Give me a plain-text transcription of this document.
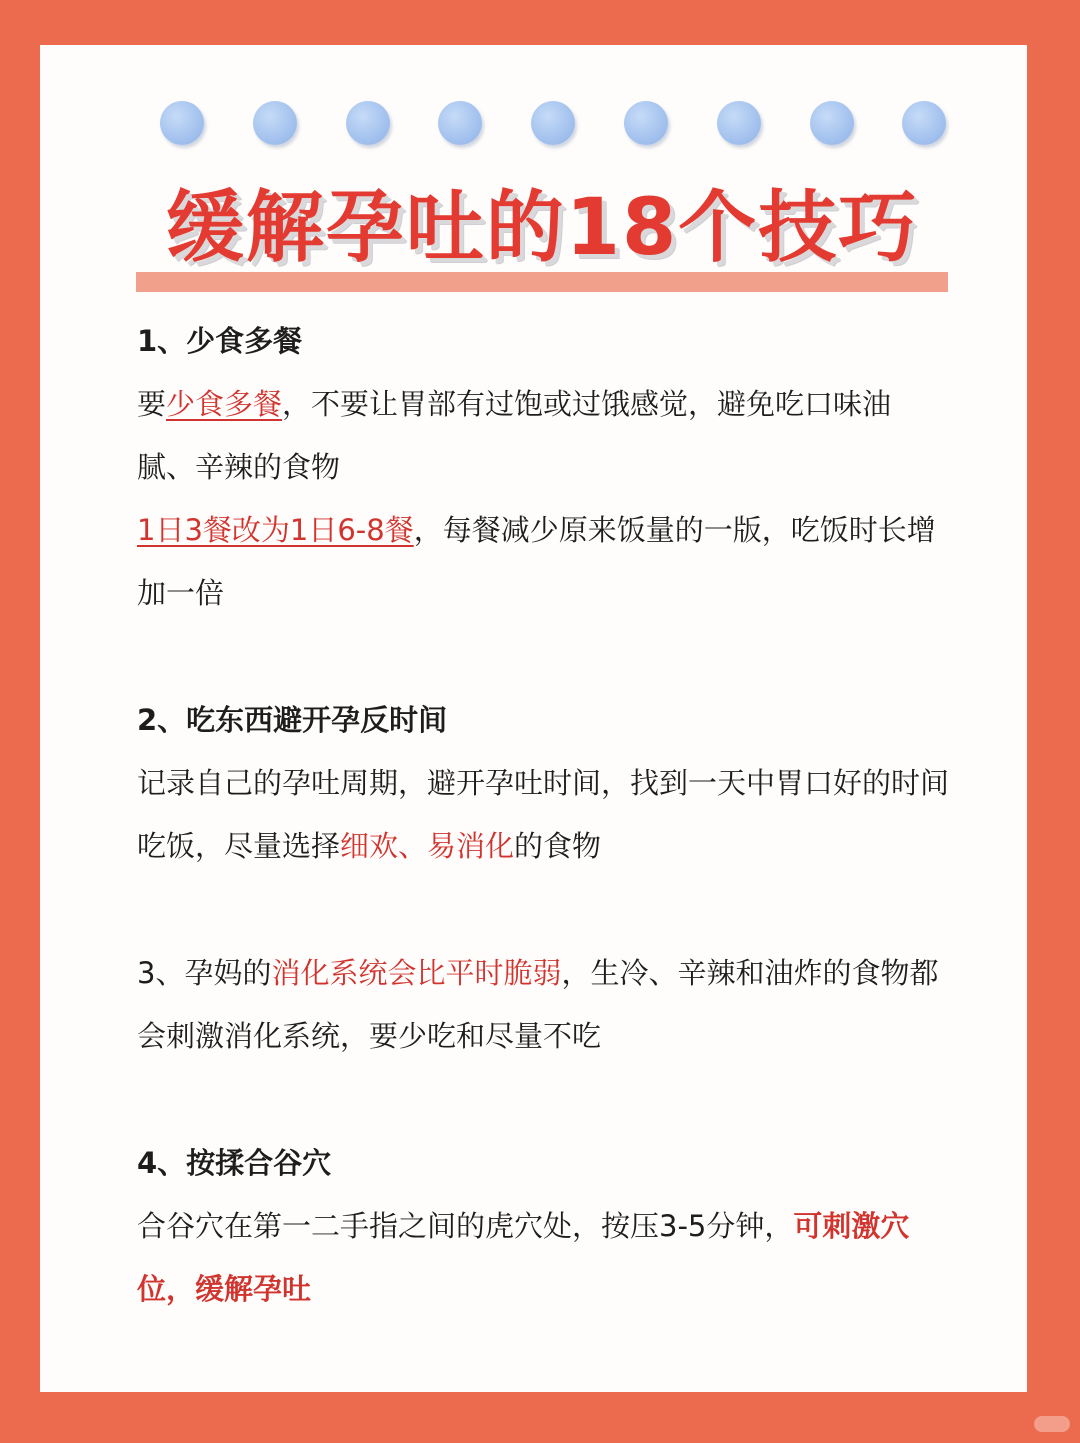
缓解孕吐的18个技巧

1、少食多餐

要少食多餐，不要让胃部有过饱或过饿感觉，避免吃口味油腻、辛辣的食物

1日3餐改为1日6-8餐，每餐减少原来饭量的一版，吃饭时长增加一倍

2、吃东西避开孕反时间

记录自己的孕吐周期，避开孕吐时间，找到一天中胃口好的时间吃饭，尽量选择细欢、易消化的食物

3、孕妈的消化系统会比平时脆弱，生冷、辛辣和油炸的食物都会刺激消化系统，要少吃和尽量不吃

4、按揉合谷穴

合谷穴在第一二手指之间的虎穴处，按压3-5分钟，可刺激穴位，缓解孕吐
